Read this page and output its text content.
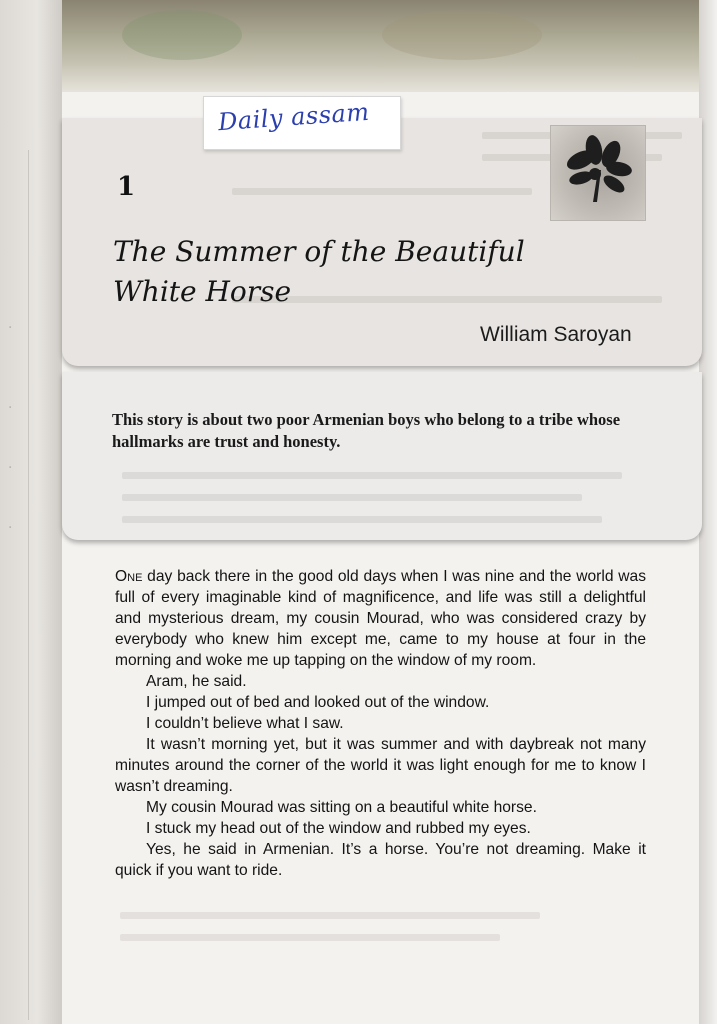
·
·
·
·
Daily assam
1
The Summer of the Beautiful White Horse
William Saroyan
This story is about two poor Armenian boys who belong to a tribe whose hallmarks are trust and honesty.

One day back there in the good old days when I was nine and the world was full of every imaginable kind of magnificence, and life was still a delightful and mysterious dream, my cousin Mourad, who was considered crazy by everybody who knew him except me, came to my house at four in the morning and woke me up tapping on the window of my room.

Aram, he said.

I jumped out of bed and looked out of the window.

I couldn’t believe what I saw.

It wasn’t morning yet, but it was summer and with daybreak not many minutes around the corner of the world it was light enough for me to know I wasn’t dreaming.

My cousin Mourad was sitting on a beautiful white horse.

I stuck my head out of the window and rubbed my eyes.

Yes, he said in Armenian. It’s a horse. You’re not dreaming. Make it quick if you want to ride.
